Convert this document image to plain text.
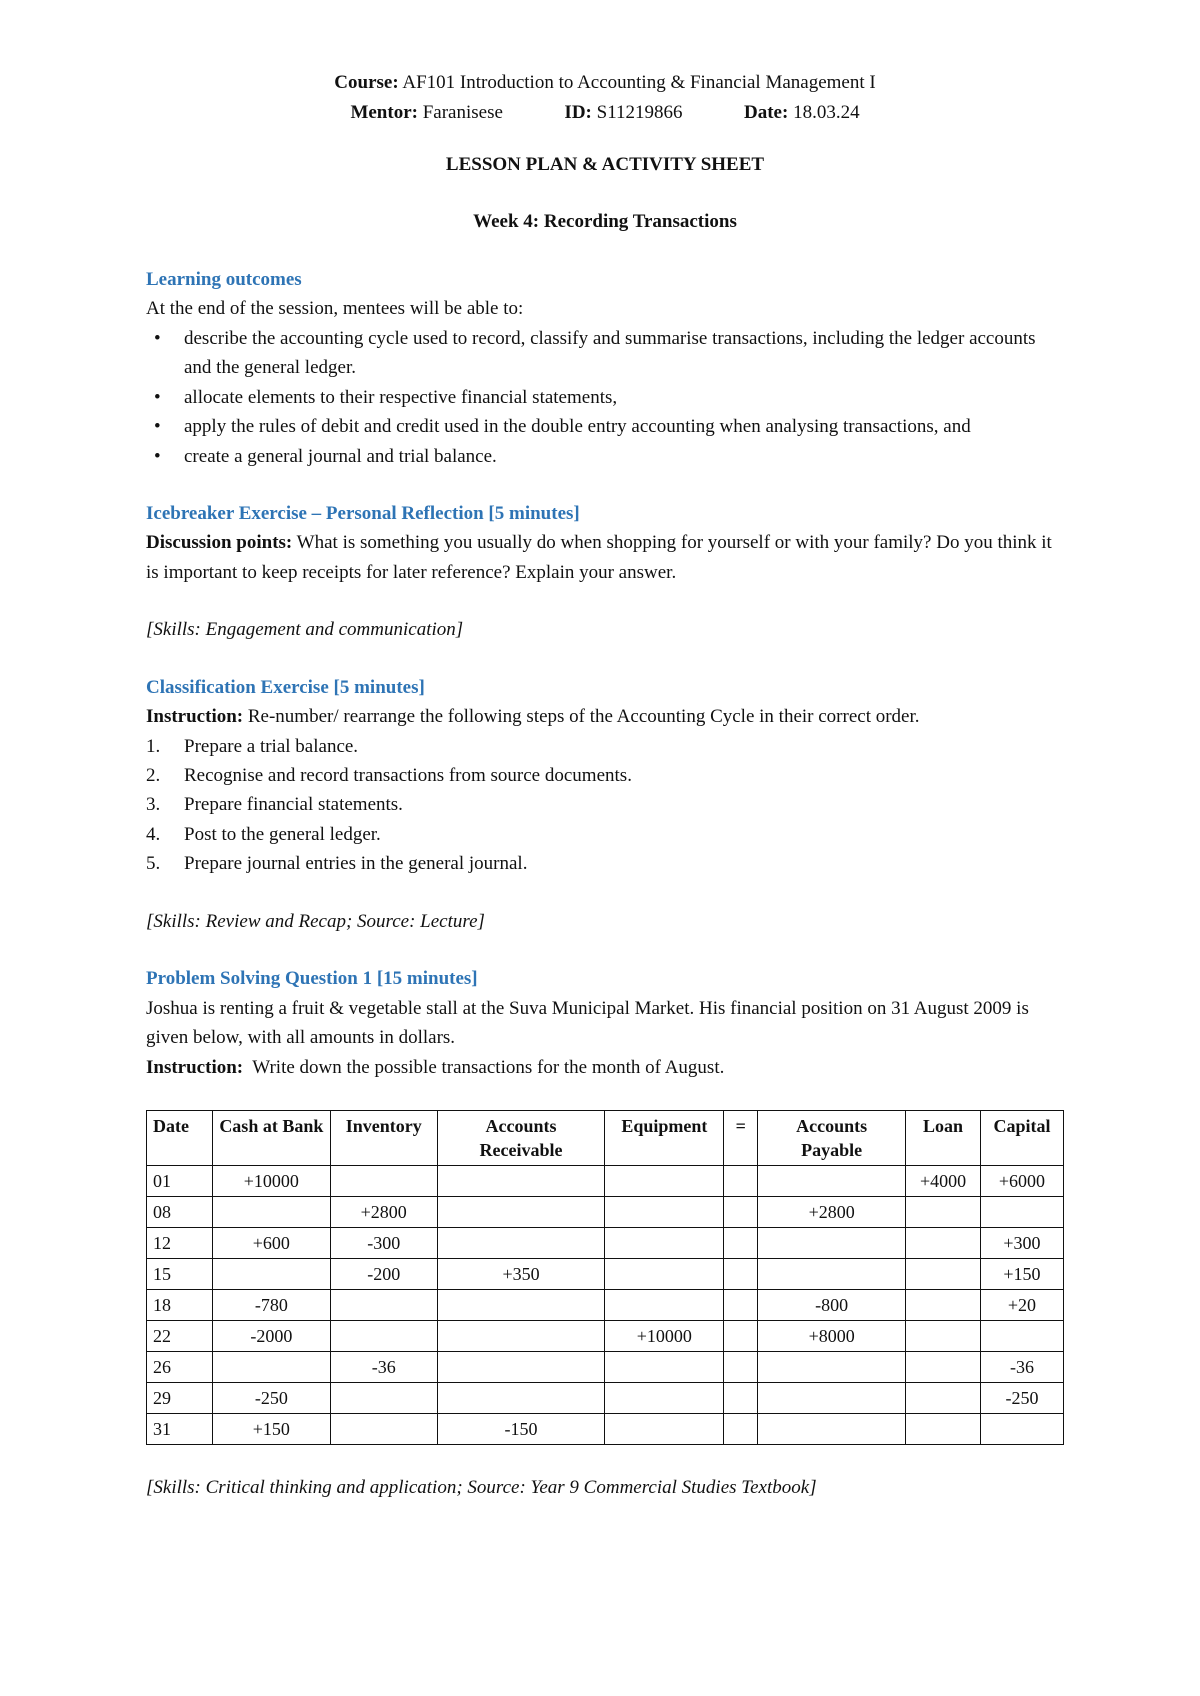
Course: AF101 Introduction to Accounting & Financial Management I

Mentor: Faranisese	ID: S11219866	Date: 18.03.24

LESSON PLAN & ACTIVITY SHEET

Week 4: Recording Transactions

Learning outcomes

At the end of the session, mentees will be able to:

• describe the accounting cycle used to record, classify and summarise transactions, including the ledger accounts and the general ledger.
• allocate elements to their respective financial statements,
• apply the rules of debit and credit used in the double entry accounting when analysing transactions, and
• create a general journal and trial balance.

Icebreaker Exercise – Personal Reflection [5 minutes]

Discussion points: What is something you usually do when shopping for yourself or with your family? Do you think it is important to keep receipts for later reference? Explain your answer.

[Skills: Engagement and communication]

Classification Exercise [5 minutes]

Instruction: Re-number/ rearrange the following steps of the Accounting Cycle in their correct order.

1. Prepare a trial balance.
2. Recognise and record transactions from source documents.
3. Prepare financial statements.
4. Post to the general ledger.
5. Prepare journal entries in the general journal.

[Skills: Review and Recap; Source: Lecture]

Problem Solving Question 1 [15 minutes]

Joshua is renting a fruit & vegetable stall at the Suva Municipal Market. His financial position on 31 August 2009 is given below, with all amounts in dollars.

Instruction: Write down the possible transactions for the month of August.

Date	Cash at Bank	Inventory	Accounts Receivable	Equipment	=	Accounts Payable	Loan	Capital
01	+10000						+4000	+6000
08		+2800				+2800		
12	+600	-300						+300
15		-200	+350					+150
18	-780					-800		+20
22	-2000			+10000		+8000		
26		-36						-36
29	-250							-250
31	+150		-150					

[Skills: Critical thinking and application; Source: Year 9 Commercial Studies Textbook]
